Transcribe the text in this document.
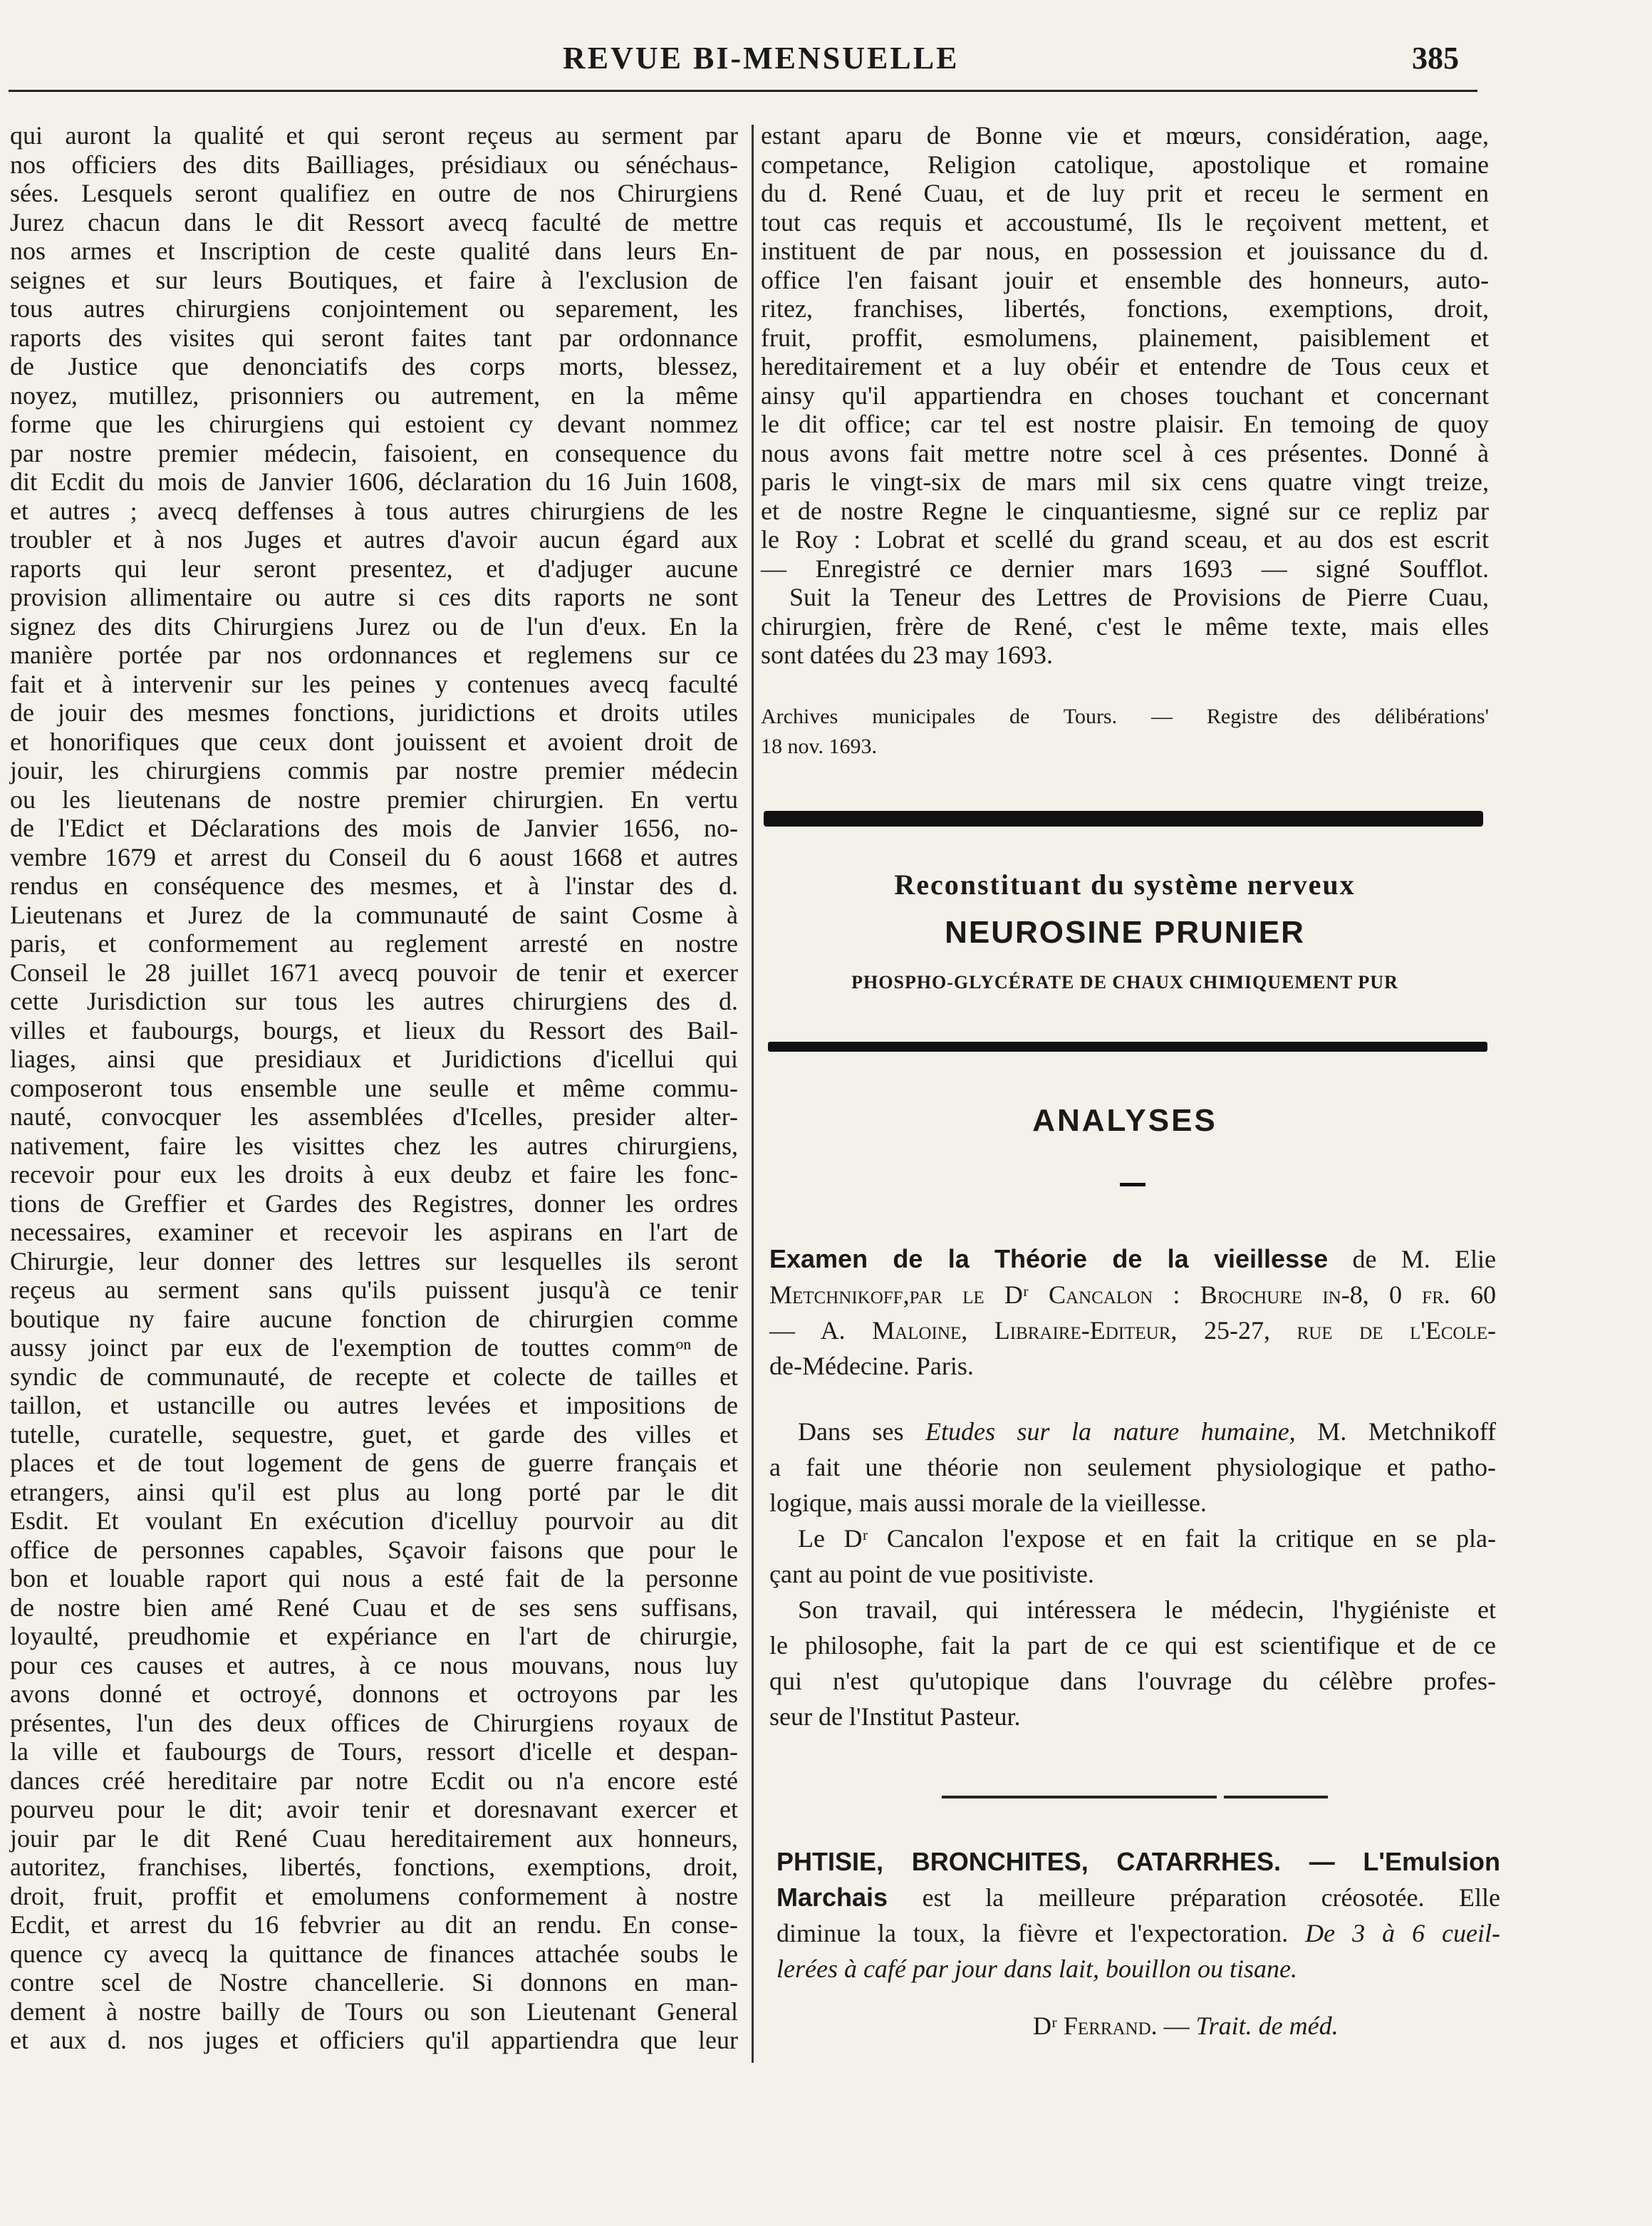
REVUE BI-MENSUELLE	385
qui auront la qualité et qui seront reçeus au serment par
nos officiers des dits Bailliages, présidiaux ou sénéchaus-
sées. Lesquels seront qualifiez en outre de nos Chirurgiens
Jurez chacun dans le dit Ressort avecq faculté de mettre
nos armes et Inscription de ceste qualité dans leurs En-
seignes et sur leurs Boutiques, et faire à l'exclusion de
tous autres chirurgiens conjointement ou separement, les
raports des visites qui seront faites tant par ordonnance
de Justice que denonciatifs des corps morts, blessez,
noyez, mutillez, prisonniers ou autrement, en la même
forme que les chirurgiens qui estoient cy devant nommez
par nostre premier médecin, faisoient, en consequence du
dit Ecdit du mois de Janvier 1606, déclaration du 16 Juin 1608,
et autres ; avecq deffenses à tous autres chirurgiens de les
troubler et à nos Juges et autres d'avoir aucun égard aux
raports qui leur seront presentez, et d'adjuger aucune
provision allimentaire ou autre si ces dits raports ne sont
signez des dits Chirurgiens Jurez ou de l'un d'eux. En la
manière portée par nos ordonnances et reglemens sur ce
fait et à intervenir sur les peines y contenues avecq faculté
de jouir des mesmes fonctions, juridictions et droits utiles
et honorifiques que ceux dont jouissent et avoient droit de
jouir, les chirurgiens commis par nostre premier médecin
ou les lieutenans de nostre premier chirurgien. En vertu
de l'Edict et Déclarations des mois de Janvier 1656, no-
vembre 1679 et arrest du Conseil du 6 aoust 1668 et autres
rendus en conséquence des mesmes, et à l'instar des d.
Lieutenans et Jurez de la communauté de saint Cosme à
paris, et conformement au reglement arresté en nostre
Conseil le 28 juillet 1671 avecq pouvoir de tenir et exercer
cette Jurisdiction sur tous les autres chirurgiens des d.
villes et faubourgs, bourgs, et lieux du Ressort des Bail-
liages, ainsi que presidiaux et Juridictions d'icellui qui
composeront tous ensemble une seulle et même commu-
nauté, convocquer les assemblées d'Icelles, presider alter-
nativement, faire les visittes chez les autres chirurgiens,
recevoir pour eux les droits à eux deubz et faire les fonc-
tions de Greffier et Gardes des Registres, donner les ordres
necessaires, examiner et recevoir les aspirans en l'art de
Chirurgie, leur donner des lettres sur lesquelles ils seront
reçeus au serment sans qu'ils puissent jusqu'à ce tenir
boutique ny faire aucune fonction de chirurgien comme
aussy joinct par eux de l'exemption de touttes commᵒⁿ de
syndic de communauté, de recepte et colecte de tailles et
taillon, et ustancille ou autres levées et impositions de
tutelle, curatelle, sequestre, guet, et garde des villes et
places et de tout logement de gens de guerre français et
etrangers, ainsi qu'il est plus au long porté par le dit
Esdit. Et voulant En exécution d'icelluy pourvoir au dit
office de personnes capables, Sçavoir faisons que pour le
bon et louable raport qui nous a esté fait de la personne
de nostre bien amé René Cuau et de ses sens suffisans,
loyaulté, preudhomie et expériance en l'art de chirurgie,
pour ces causes et autres, à ce nous mouvans, nous luy
avons donné et octroyé, donnons et octroyons par les
présentes, l'un des deux offices de Chirurgiens royaux de
la ville et faubourgs de Tours, ressort d'icelle et despan-
dances créé hereditaire par notre Ecdit ou n'a encore esté
pourveu pour le dit; avoir tenir et doresnavant exercer et
jouir par le dit René Cuau hereditairement aux honneurs,
autoritez, franchises, libertés, fonctions, exemptions, droit,
droit, fruit, proffit et emolumens conformement à nostre
Ecdit, et arrest du 16 febvrier au dit an rendu. En conse-
quence cy avecq la quittance de finances attachée soubs le
contre scel de Nostre chancellerie. Si donnons en man-
dement à nostre bailly de Tours ou son Lieutenant General
et aux d. nos juges et officiers qu'il appartiendra que leur
estant aparu de Bonne vie et mœurs, considération, aage,
competance, Religion catolique, apostolique et romaine
du d. René Cuau, et de luy prit et receu le serment en
tout cas requis et accoustumé, Ils le reçoivent mettent, et
instituent de par nous, en possession et jouissance du d.
office l'en faisant jouir et ensemble des honneurs, auto-
ritez, franchises, libertés, fonctions, exemptions, droit,
fruit, proffit, esmolumens, plainement, paisiblement et
hereditairement et a luy obéir et entendre de Tous ceux et
ainsy qu'il appartiendra en choses touchant et concernant
le dit office; car tel est nostre plaisir. En temoing de quoy
nous avons fait mettre notre scel à ces présentes. Donné à
paris le vingt-six de mars mil six cens quatre vingt treize,
et de nostre Regne le cinquantiesme, signé sur ce repliz par
le Roy : Lobrat et scellé du grand sceau, et au dos est escrit
— Enregistré ce dernier mars 1693 — signé Soufflot.
Suit la Teneur des Lettres de Provisions de Pierre Cuau,
chirurgien, frère de René, c'est le même texte, mais elles
sont datées du 23 may 1693.
Archives municipales de Tours. — Registre des délibérations'
18 nov. 1693.
Reconstituant du système nerveux
NEUROSINE PRUNIER
PHOSPHO-GLYCÉRATE DE CHAUX CHIMIQUEMENT PUR
ANALYSES
Examen de la Théorie de la vieillesse de M. Elie
Metchnikoff,par le Dʳ Cancalon : Brochure in-8, 0 fr. 60
— A. Maloine, Libraire-Editeur, 25-27, rue de l'Ecole-
de-Médecine. Paris.
Dans ses Etudes sur la nature humaine, M. Metchnikoff
a fait une théorie non seulement physiologique et patho-
logique, mais aussi morale de la vieillesse.
Le Dʳ Cancalon l'expose et en fait la critique en se pla-
çant au point de vue positiviste.
Son travail, qui intéressera le médecin, l'hygiéniste et
le philosophe, fait la part de ce qui est scientifique et de ce
qui n'est qu'utopique dans l'ouvrage du célèbre profes-
seur de l'Institut Pasteur.
PHTISIE, BRONCHITES, CATARRHES. — L'Emulsion
Marchais est la meilleure préparation créosotée. Elle
diminue la toux, la fièvre et l'expectoration. De 3 à 6 cueil-
lerées à café par jour dans lait, bouillon ou tisane.
Dʳ Ferrand. — Trait. de méd.
